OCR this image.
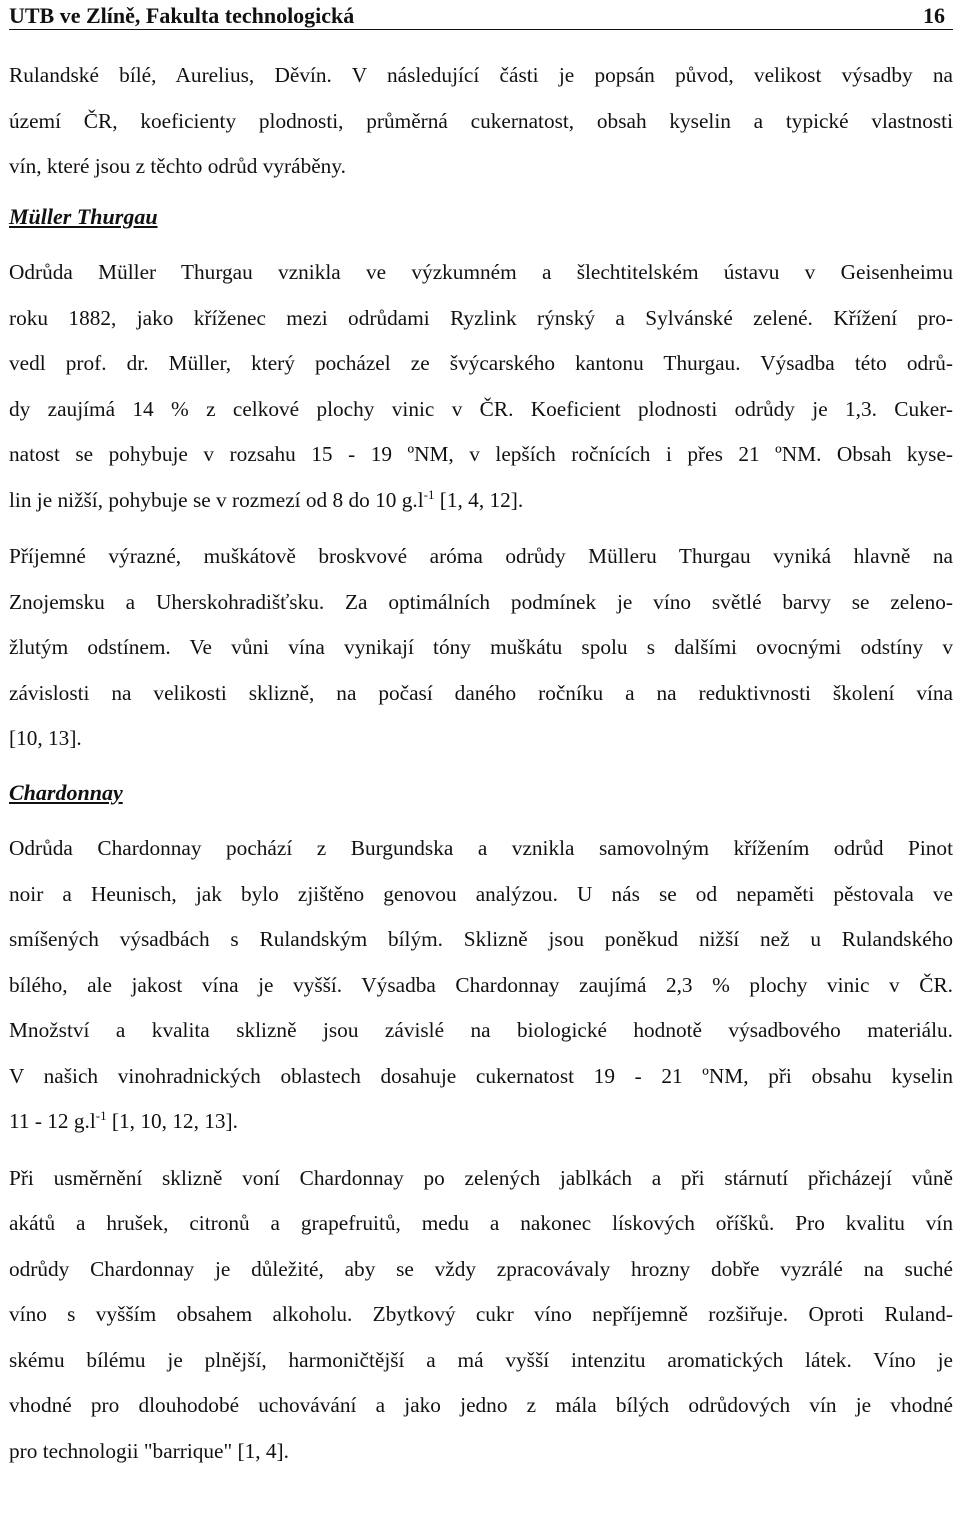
UTB ve Zlíně, Fakulta technologická	16
Rulandské bílé, Aurelius, Děvín. V následující části je popsán původ, velikost výsadby na
území ČR, koeficienty plodnosti, průměrná cukernatost, obsah kyselin a typické vlastnosti
vín, které jsou z těchto odrůd vyráběny.
Müller Thurgau
Odrůda Müller Thurgau vznikla ve výzkumném a šlechtitelském ústavu v Geisenheimu
roku 1882, jako kříženec mezi odrůdami Ryzlink rýnský a Sylvánské zelené. Křížení pro-
vedl prof. dr. Müller, který pocházel ze švýcarského kantonu Thurgau. Výsadba této odrů-
dy zaujímá 14 % z celkové plochy vinic v ČR. Koeficient plodnosti odrůdy je 1,3. Cuker-
natost se pohybuje v rozsahu 15 - 19 ºNM, v lepších ročnících i přes 21 ºNM. Obsah kyse-
lin je nižší, pohybuje se v rozmezí od 8 do 10 $g.l^{-1}$ [1, 4, 12].
Příjemné výrazné, muškátově broskvové aróma odrůdy Mülleru Thurgau vyniká hlavně na
Znojemsku a Uherskohradišťsku. Za optimálních podmínek je víno světlé barvy se zeleno-
žlutým odstínem. Ve vůni vína vynikají tóny muškátu spolu s dalšími ovocnými odstíny v
závislosti na velikosti sklizně, na počasí daného ročníku a na reduktivnosti školení vína
[10, 13].
Chardonnay
Odrůda Chardonnay pochází z Burgundska a vznikla samovolným křížením odrůd Pinot
noir a Heunisch, jak bylo zjištěno genovou analýzou. U nás se od nepaměti pěstovala ve
smíšených výsadbách s Rulandským bílým. Sklizně jsou poněkud nižší než u Rulandského
bílého, ale jakost vína je vyšší. Výsadba Chardonnay zaujímá 2,3 % plochy vinic v ČR.
Množství a kvalita sklizně jsou závislé na biologické hodnotě výsadbového materiálu.
V našich vinohradnických oblastech dosahuje cukernatost 19 - 21 ºNM, při obsahu kyselin
11 - 12 $g.l^{-1}$ [1, 10, 12, 13].
Při usměrnění sklizně voní Chardonnay po zelených jablkách a při stárnutí přicházejí vůně
akátů a hrušek, citronů a grapefruitů, medu a nakonec lískových oříšků. Pro kvalitu vín
odrůdy Chardonnay je důležité, aby se vždy zpracovávaly hrozny dobře vyzrálé na suché
víno s vyšším obsahem alkoholu. Zbytkový cukr víno nepříjemně rozšiřuje. Oproti Ruland-
skému bílému je plnější, harmoničtější a má vyšší intenzitu aromatických látek. Víno je
vhodné pro dlouhodobé uchovávání a jako jedno z mála bílých odrůdových vín je vhodné
pro technologii "barrique" [1, 4].
